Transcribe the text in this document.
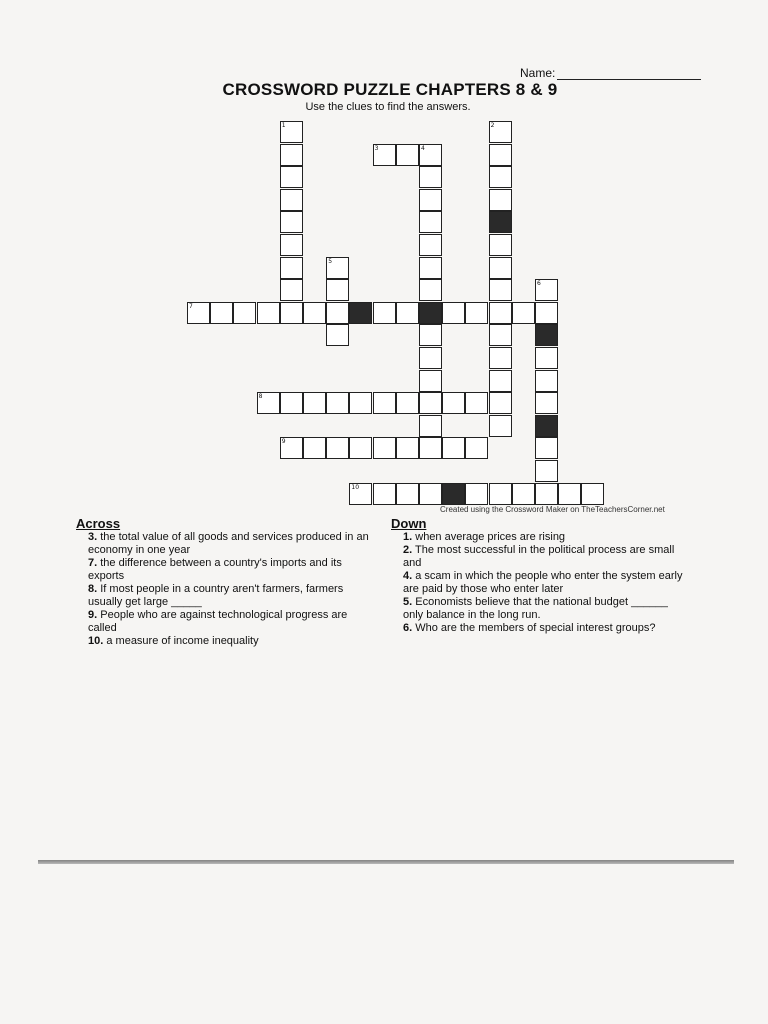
Name:
CROSSWORD PUZZLE CHAPTERS 8 & 9
Use the clues to find the answers.
1	2
3	4
5
6
7
8
9
10
Created using the Crossword Maker on TheTeachersCorner.net
Across
3. the total value of all goods and services produced in an economy in one year
7. the difference between a country's imports and its exports
8. If most people in a country aren't farmers, farmers usually get large _____
9. People who are against technological progress are called
10. a measure of income inequality
Down
1. when average prices are rising
2. The most successful in the political process are small and
4. a scam in which the people who enter the system early are paid by those who enter later
5. Economists believe that the national budget ______ only balance in the long run.
6. Who are the members of special interest groups?
